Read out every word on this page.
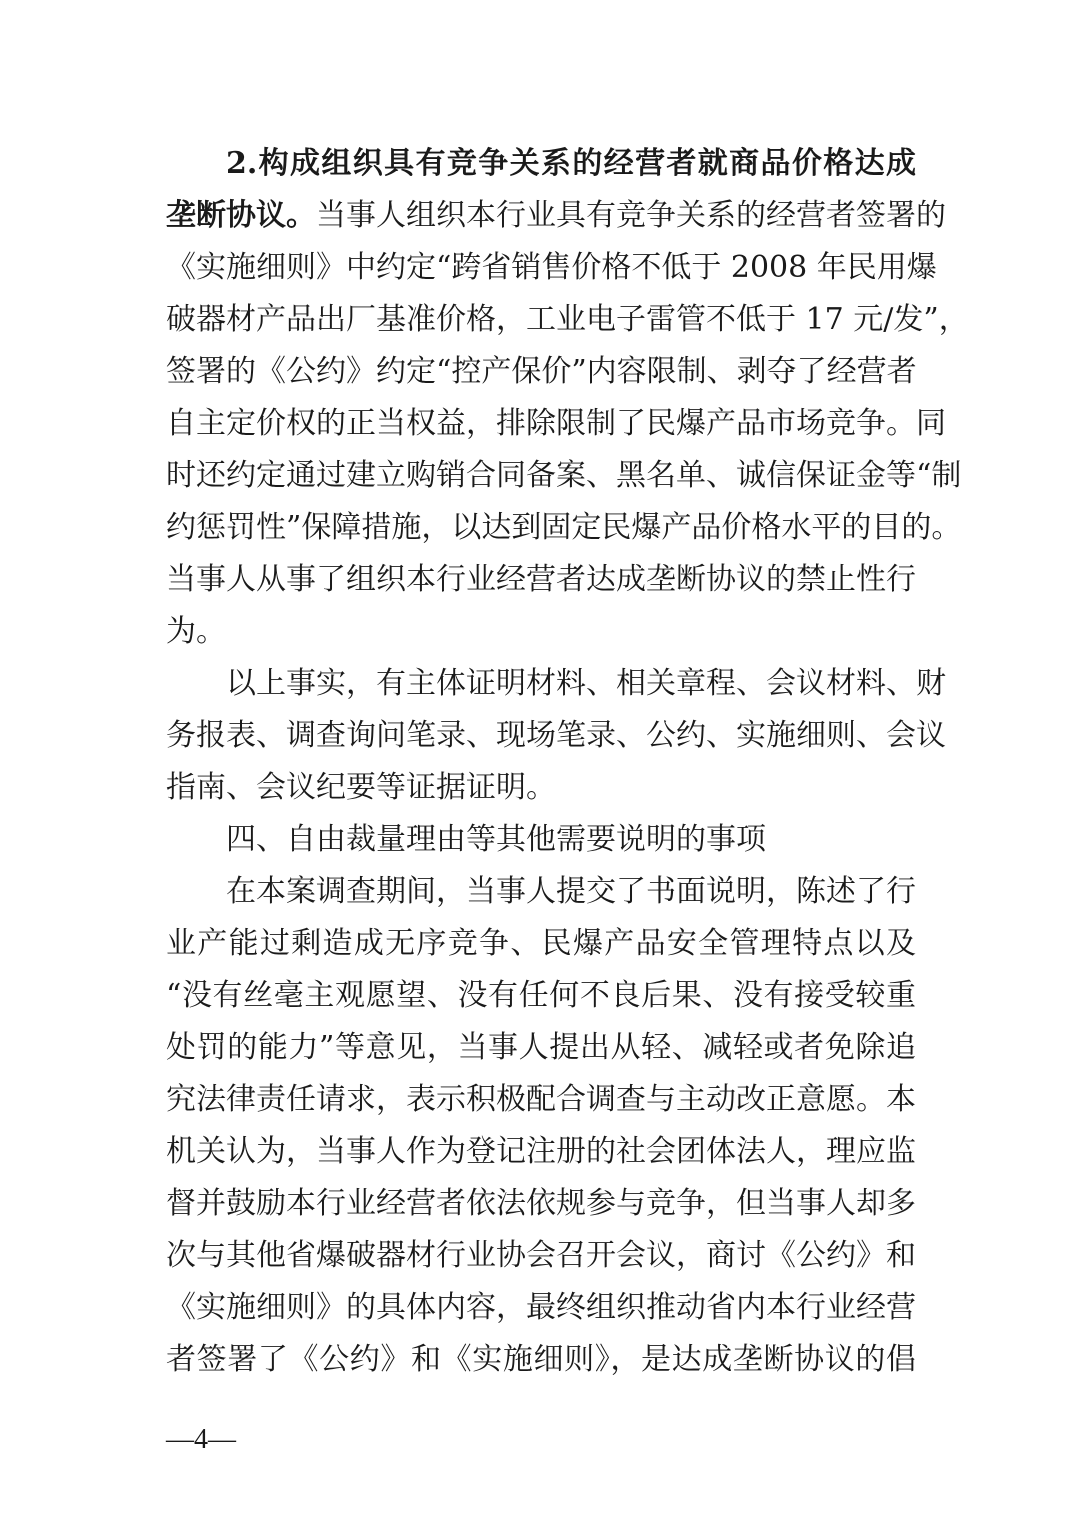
2.构成组织具有竞争关系的经营者就商品价格达成
垄断协议。当事人组织本行业具有竞争关系的经营者签署的
《实施细则》中约定“跨省销售价格不低于 2008 年民用爆
破器材产品出厂基准价格，工业电子雷管不低于 17 元/发”，
签署的《公约》约定“控产保价”内容限制、剥夺了经营者
自主定价权的正当权益，排除限制了民爆产品市场竞争。同
时还约定通过建立购销合同备案、黑名单、诚信保证金等“制
约惩罚性”保障措施，以达到固定民爆产品价格水平的目的。
当事人从事了组织本行业经营者达成垄断协议的禁止性行
为。
以上事实，有主体证明材料、相关章程、会议材料、财
务报表、调查询问笔录、现场笔录、公约、实施细则、会议
指南、会议纪要等证据证明。
四、自由裁量理由等其他需要说明的事项
在本案调查期间，当事人提交了书面说明，陈述了行
业产能过剩造成无序竞争、民爆产品安全管理特点以及
“没有丝毫主观愿望、没有任何不良后果、没有接受较重
处罚的能力”等意见，当事人提出从轻、减轻或者免除追
究法律责任请求，表示积极配合调查与主动改正意愿。本
机关认为，当事人作为登记注册的社会团体法人，理应监
督并鼓励本行业经营者依法依规参与竞争，但当事人却多
次与其他省爆破器材行业协会召开会议，商讨《公约》和
《实施细则》的具体内容，最终组织推动省内本行业经营
者签署了《公约》和《实施细则》，是达成垄断协议的倡
—4—
